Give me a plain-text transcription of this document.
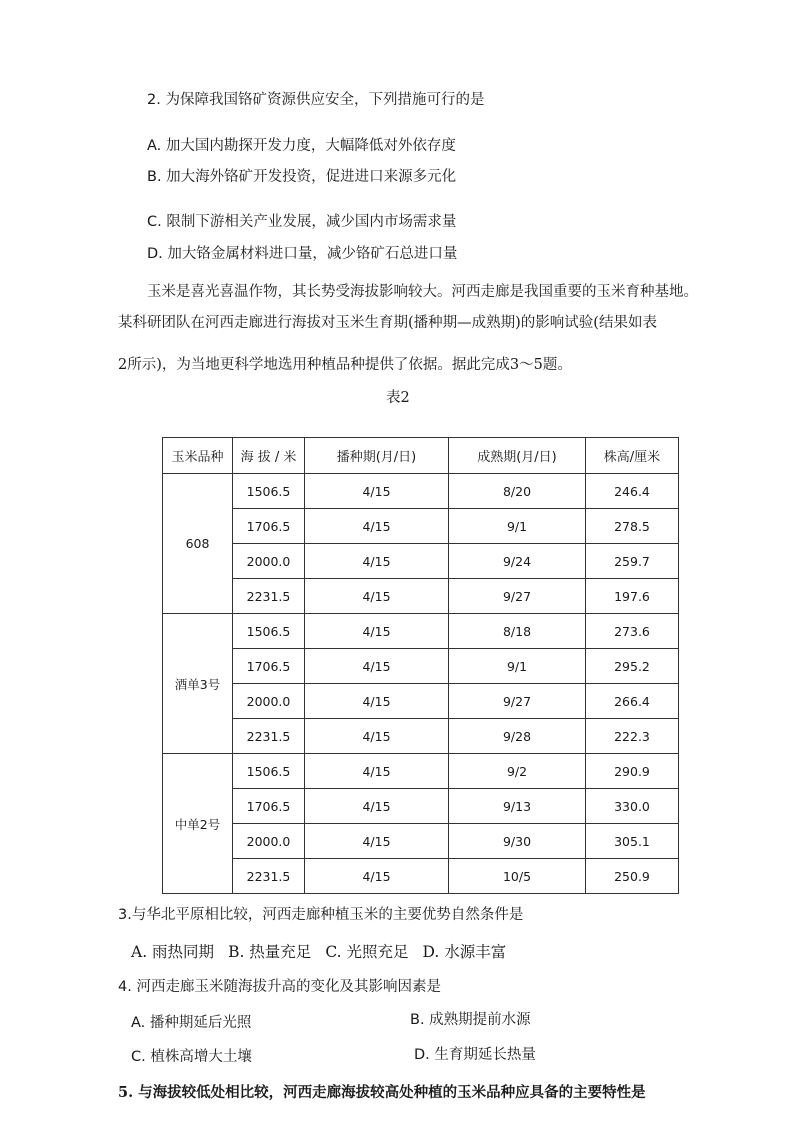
2. 为保障我国铬矿资源供应安全，下列措施可行的是
A. 加大国内勘探开发力度，大幅降低对外依存度
B. 加大海外铬矿开发投资，促进进口来源多元化
C. 限制下游相关产业发展，减少国内市场需求量
D. 加大铬金属材料进口量，减少铬矿石总进口量
玉米是喜光喜温作物，其长势受海拔影响较大。河西走廊是我国重要的玉米育种基地。
某科研团队在河西走廊进行海拔对玉米生育期(播种期—成熟期)的影响试验(结果如表
2所示)，为当地更科学地选用种植品种提供了依据。据此完成3～5题。
表2
玉米品种	海 拔 / 米	播种期(月/日)	成熟期(月/日)	株高/厘米
608	1506.5	4/15	8/20	246.4
	1706.5	4/15	9/1	278.5
	2000.0	4/15	9/24	259.7
	2231.5	4/15	9/27	197.6
酒单3号	1506.5	4/15	8/18	273.6
	1706.5	4/15	9/1	295.2
	2000.0	4/15	9/27	266.4
	2231.5	4/15	9/28	222.3
中单2号	1506.5	4/15	9/2	290.9
	1706.5	4/15	9/13	330.0
	2000.0	4/15	9/30	305.1
	2231.5	4/15	10/5	250.9
3.与华北平原相比较，河西走廊种植玉米的主要优势自然条件是
A. 雨热同期 B. 热量充足 C. 光照充足 D. 水源丰富
4. 河西走廊玉米随海拔升高的变化及其影响因素是
A. 播种期延后光照	B. 成熟期提前水源
C. 植株高增大土壤	D. 生育期延长热量
5. 与海拔较低处相比较，河西走廊海拔较高处种植的玉米品种应具备的主要特性是
